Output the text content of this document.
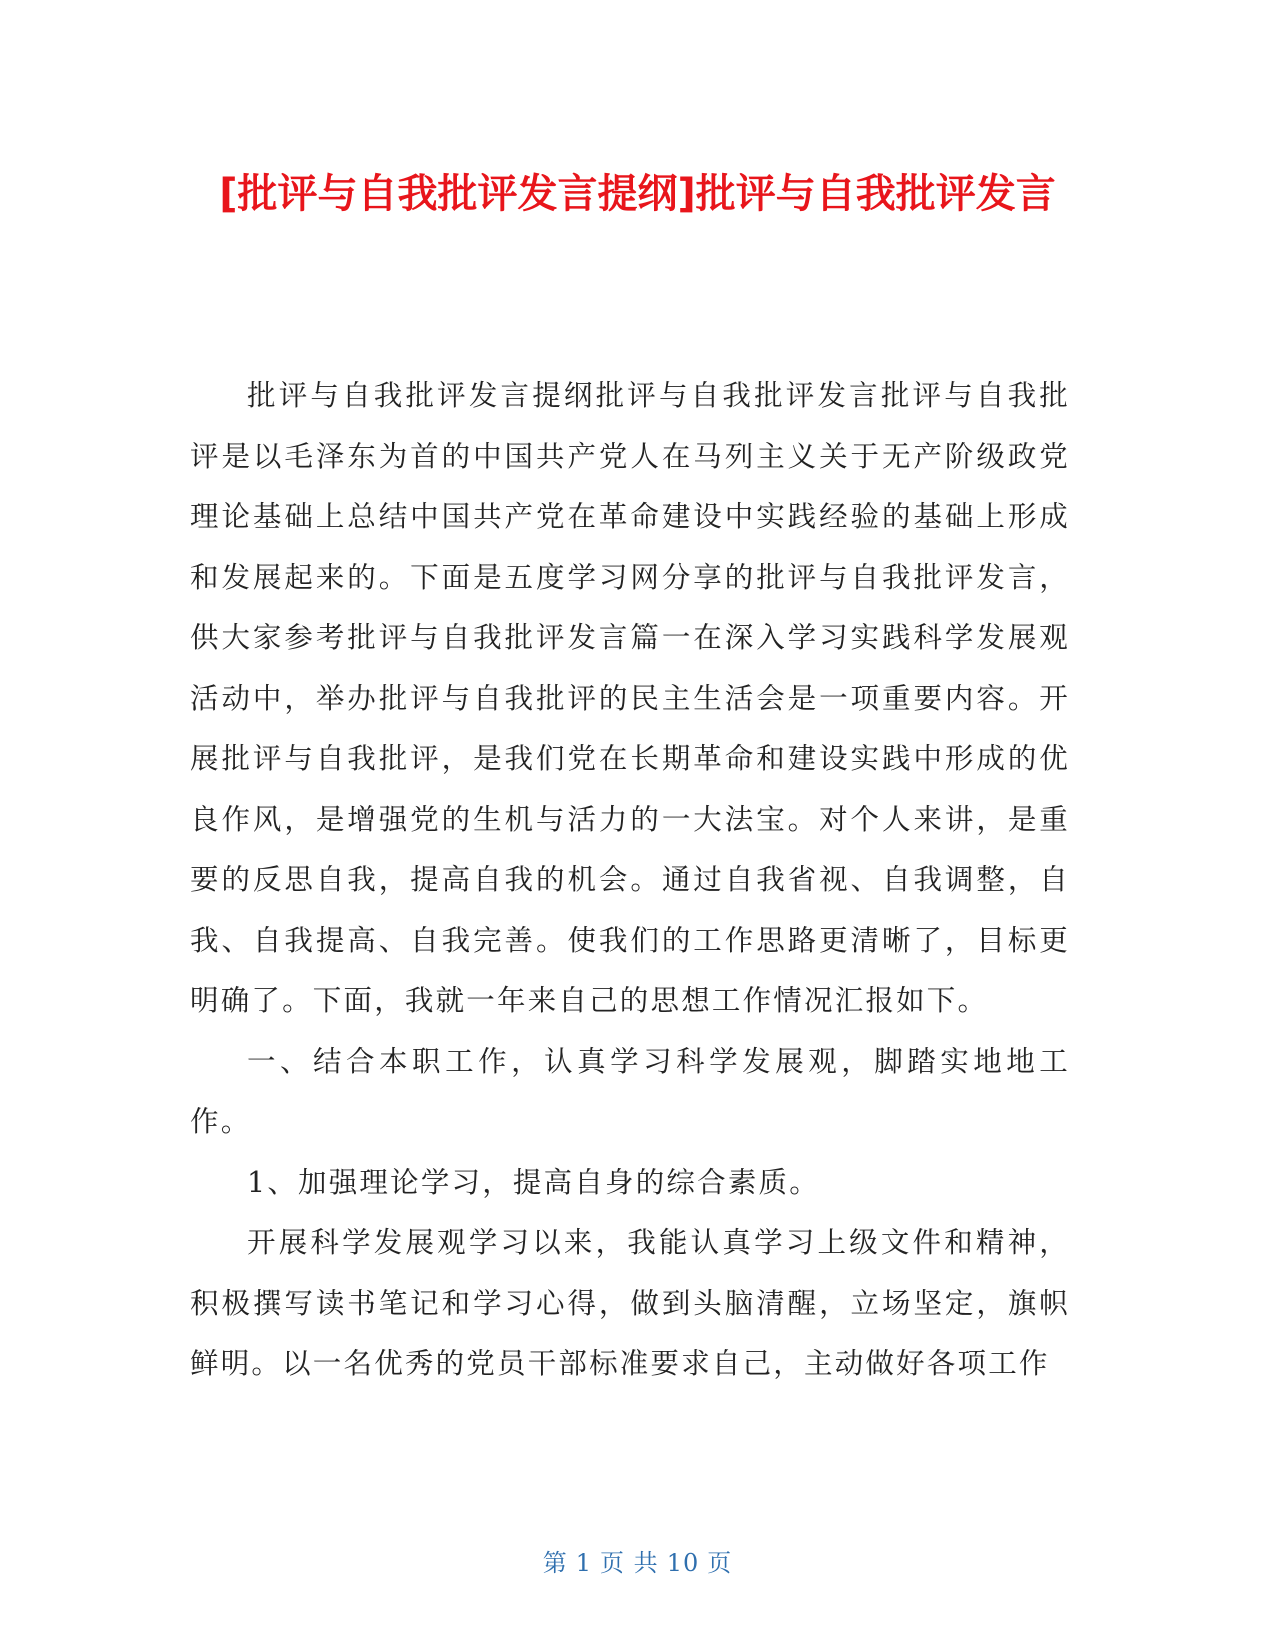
[批评与自我批评发言提纲]批评与自我批评发言

批评与自我批评发言提纲批评与自我批评发言批评与自我批评是以毛泽东为首的中国共产党人在马列主义关于无产阶级政党理论基础上总结中国共产党在革命建设中实践经验的基础上形成和发展起来的。下面是五度学习网分享的批评与自我批评发言，供大家参考批评与自我批评发言篇一在深入学习实践科学发展观活动中，举办批评与自我批评的民主生活会是一项重要内容。开展批评与自我批评，是我们党在长期革命和建设实践中形成的优良作风，是增强党的生机与活力的一大法宝。对个人来讲，是重要的反思自我，提高自我的机会。通过自我省视、自我调整，自我、自我提高、自我完善。使我们的工作思路更清晰了，目标更明确了。下面，我就一年来自己的思想工作情况汇报如下。

一、结合本职工作，认真学习科学发展观，脚踏实地地工作。

1、加强理论学习，提高自身的综合素质。

开展科学发展观学习以来，我能认真学习上级文件和精神，积极撰写读书笔记和学习心得，做到头脑清醒，立场坚定，旗帜鲜明。以一名优秀的党员干部标准要求自己，主动做好各项工作

第 1 页 共 10 页
